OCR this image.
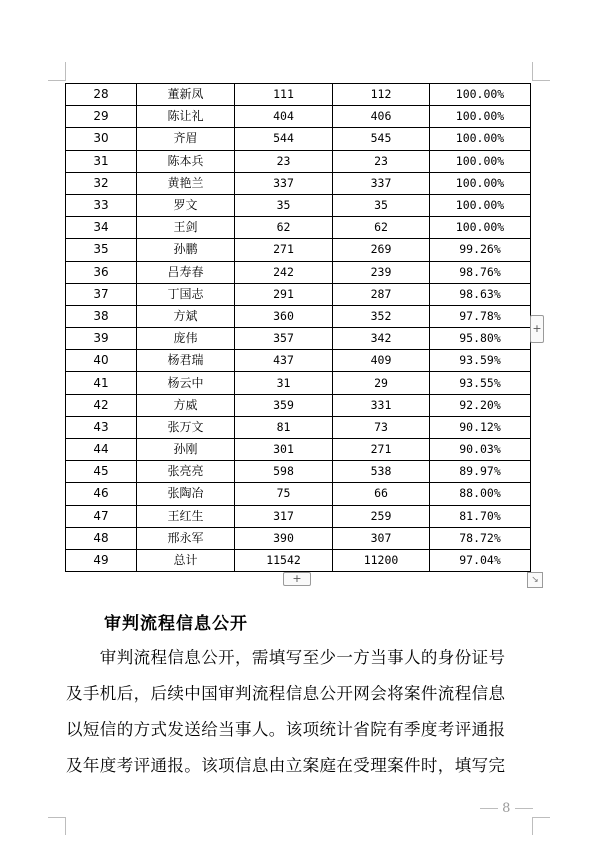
28	董新凤	111	112	100.00%
29	陈让礼	404	406	100.00%
30	齐眉	544	545	100.00%
31	陈本兵	23	23	100.00%
32	黄艳兰	337	337	100.00%
33	罗文	35	35	100.00%
34	王剑	62	62	100.00%
35	孙鹏	271	269	99.26%
36	吕寿春	242	239	98.76%
37	丁国志	291	287	98.63%
38	方斌	360	352	97.78%
39	庞伟	357	342	95.80%
40	杨君瑞	437	409	93.59%
41	杨云中	31	29	93.55%
42	方威	359	331	92.20%
43	张万文	81	73	90.12%
44	孙刚	301	271	90.03%
45	张亮亮	598	538	89.97%
46	张陶冶	75	66	88.00%
47	王红生	317	259	81.70%
48	邢永军	390	307	78.72%
49	总计	11542	11200	97.04%
+
+	↘
审判流程信息公开

　　审判流程信息公开，需填写至少一方当事人的身份证号

及手机后，后续中国审判流程信息公开网会将案件流程信息

以短信的方式发送给当事人。该项统计省院有季度考评通报

及年度考评通报。该项信息由立案庭在受理案件时，填写完

8
